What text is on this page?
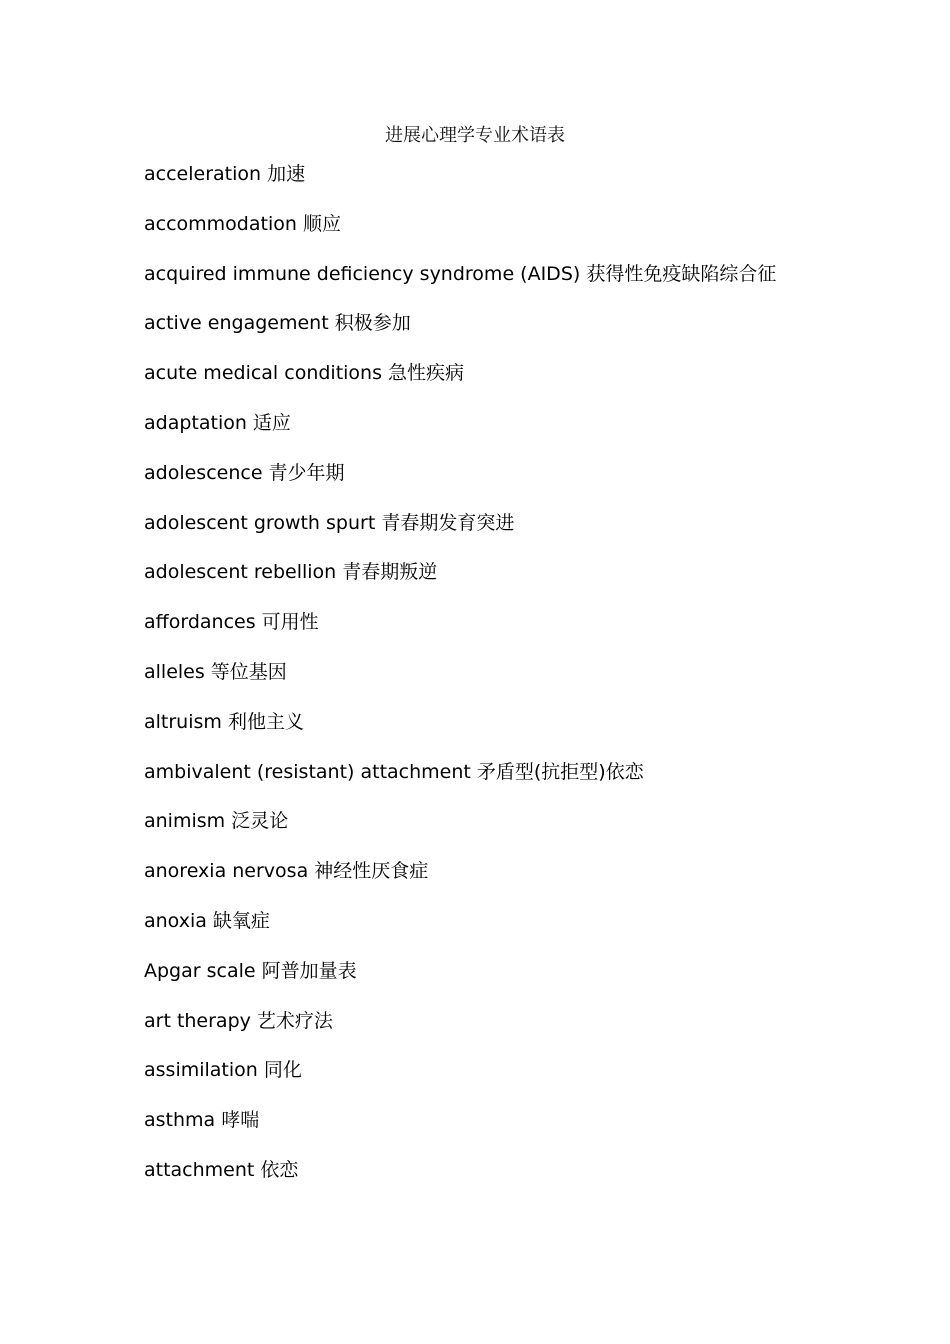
进展心理学专业术语表
acceleration 加速
accommodation 顺应
acquired immune deficiency syndrome (AIDS) 获得性免疫缺陷综合征
active engagement 积极参加
acute medical conditions 急性疾病
adaptation 适应
adolescence 青少年期
adolescent growth spurt 青春期发育突进
adolescent rebellion 青春期叛逆
affordances 可用性
alleles 等位基因
altruism 利他主义
ambivalent (resistant) attachment 矛盾型(抗拒型)依恋
animism 泛灵论
anorexia nervosa 神经性厌食症
anoxia 缺氧症
Apgar scale 阿普加量表
art therapy 艺术疗法
assimilation 同化
asthma 哮喘
attachment 依恋
